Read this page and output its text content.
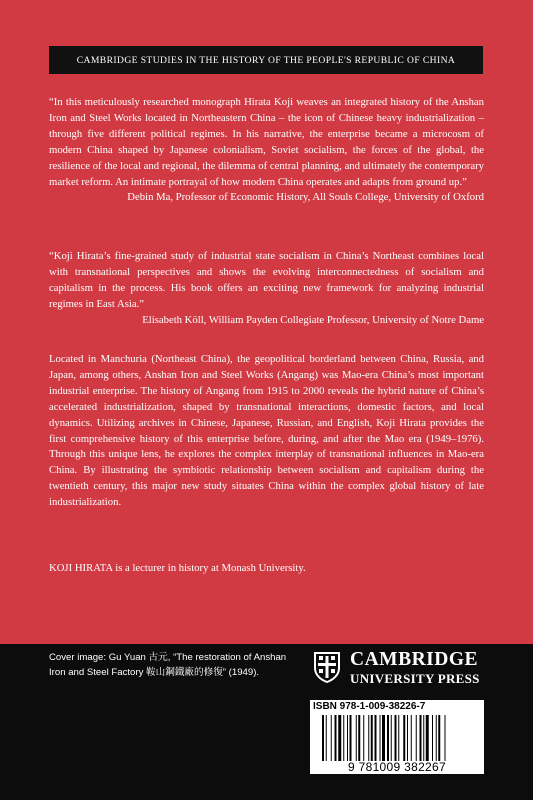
CAMBRIDGE STUDIES IN THE HISTORY OF THE PEOPLE'S REPUBLIC OF CHINA
“In this meticulously researched monograph Hirata Koji weaves an integrated history of the Anshan Iron and Steel Works located in Northeastern China – the icon of Chinese heavy industrialization – through five different political regimes. In his narrative, the enterprise became a microcosm of modern China shaped by Japanese colonialism, Soviet socialism, the forces of the global, the resilience of the local and regional, the dilemma of central planning, and ultimately the contemporary market reform. An intimate portrayal of how modern China operates and adapts from ground up.”
Debin Ma, Professor of Economic History, All Souls College, University of Oxford
“Koji Hirata’s fine-grained study of industrial state socialism in China’s Northeast combines local with transnational perspectives and shows the evolving interconnectedness of socialism and capitalism in the process. His book offers an exciting new framework for analyzing industrial regimes in East Asia.”
Elisabeth Köll, William Payden Collegiate Professor, University of Notre Dame
Located in Manchuria (Northeast China), the geopolitical borderland between China, Russia, and Japan, among others, Anshan Iron and Steel Works (Angang) was Mao-era China’s most important industrial enterprise. The history of Angang from 1915 to 2000 reveals the hybrid nature of China’s accelerated industrialization, shaped by transnational interactions, domestic factors, and local dynamics. Utilizing archives in Chinese, Japanese, Russian, and English, Koji Hirata provides the first comprehensive history of this enterprise before, during, and after the Mao era (1949–1976). Through this unique lens, he explores the complex interplay of transnational influences in Mao-era China. By illustrating the symbiotic relationship between socialism and capitalism during the twentieth century, this major new study situates China within the complex global history of late industrialization.
KOJI HIRATA is a lecturer in history at Monash University.
Cover image: Gu Yuan 古元, “The restoration of Anshan Iron and Steel Factory 鞍山鋼鐵廠的修復” (1949).
CAMBRIDGE
UNIVERSITY PRESS
ISBN 978-1-009-38226-7
9 781009 382267
